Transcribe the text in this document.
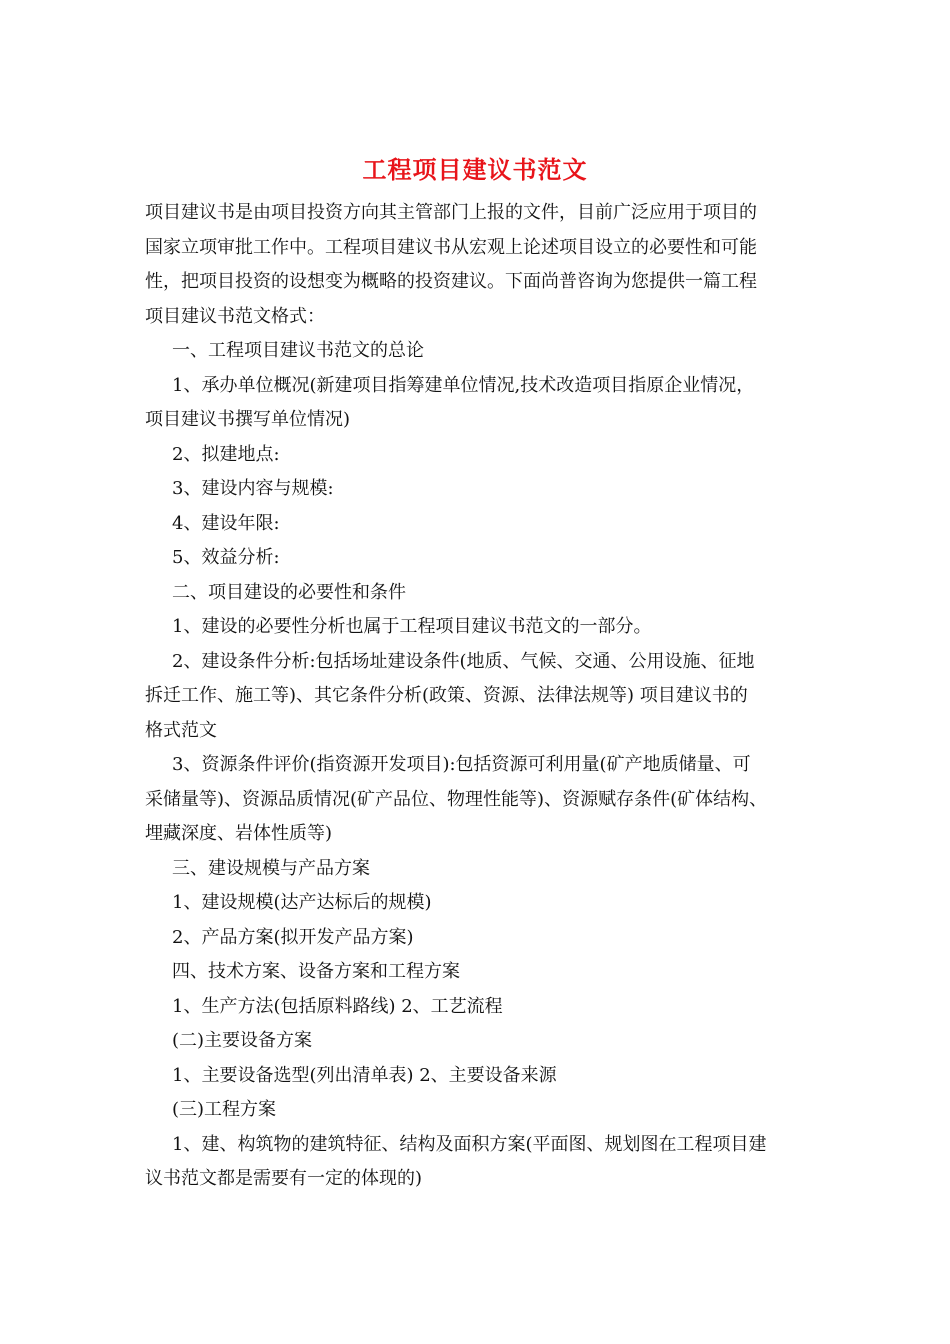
工程项目建议书范文

项目建议书是由项目投资方向其主管部门上报的文件，目前广泛应用于项目的

国家立项审批工作中。工程项目建议书从宏观上论述项目设立的必要性和可能

性，把项目投资的设想变为概略的投资建议。下面尚普咨询为您提供一篇工程

项目建议书范文格式：

一、工程项目建议书范文的总论

1、承办单位概况(新建项目指筹建单位情况,技术改造项目指原企业情况，

项目建议书撰写单位情况)

2、拟建地点:

3、建设内容与规模:

4、建设年限:

5、效益分析:

二、项目建设的必要性和条件

1、建设的必要性分析也属于工程项目建议书范文的一部分。

2、建设条件分析:包括场址建设条件(地质、气候、交通、公用设施、征地

拆迁工作、施工等)、其它条件分析(政策、资源、法律法规等) 项目建议书的

格式范文

3、资源条件评价(指资源开发项目):包括资源可利用量(矿产地质储量、可

采储量等)、资源品质情况(矿产品位、物理性能等)、资源赋存条件(矿体结构、

埋藏深度、岩体性质等)

三、建设规模与产品方案

1、建设规模(达产达标后的规模)

2、产品方案(拟开发产品方案)

四、技术方案、设备方案和工程方案

1、生产方法(包括原料路线) 2、工艺流程

(二)主要设备方案

1、主要设备选型(列出清单表) 2、主要设备来源

(三)工程方案

1、建、构筑物的建筑特征、结构及面积方案(平面图、规划图在工程项目建

议书范文都是需要有一定的体现的)
